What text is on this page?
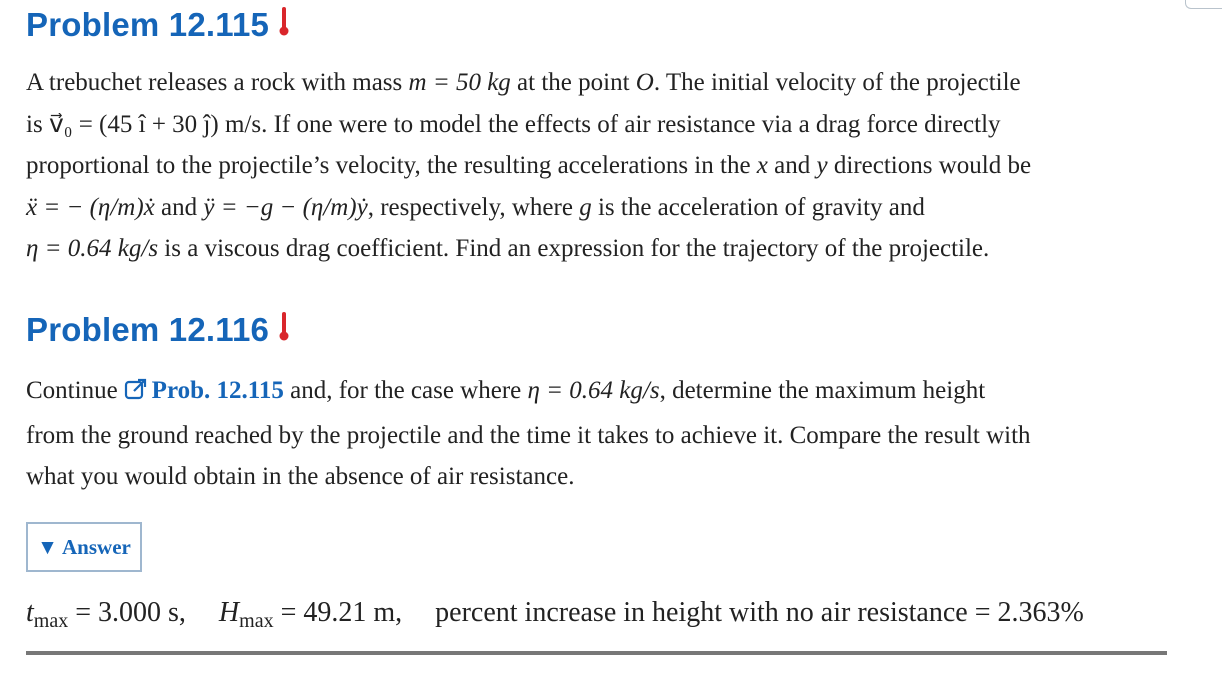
Problem 12.115
A trebuchet releases a rock with mass m = 50 kg at the point O. The initial velocity of the projectile
is v⃗₀ = (45 î + 30 ĵ) m/s. If one were to model the effects of air resistance via a drag force directly
proportional to the projectile’s velocity, the resulting accelerations in the x and y directions would be
ẍ = − (η/m)ẋ and ÿ = −g − (η/m)ẏ, respectively, where g is the acceleration of gravity and
η = 0.64 kg/s is a viscous drag coefficient. Find an expression for the trajectory of the projectile.
Problem 12.116
Continue Prob. 12.115 and, for the case where η = 0.64 kg/s, determine the maximum height
from the ground reached by the projectile and the time it takes to achieve it. Compare the result with
what you would obtain in the absence of air resistance.
▼ Answer
$t_{max} = 3.000$ s, $H_{max} = 49.21$ m, percent increase in height with no air resistance = 2.363%
